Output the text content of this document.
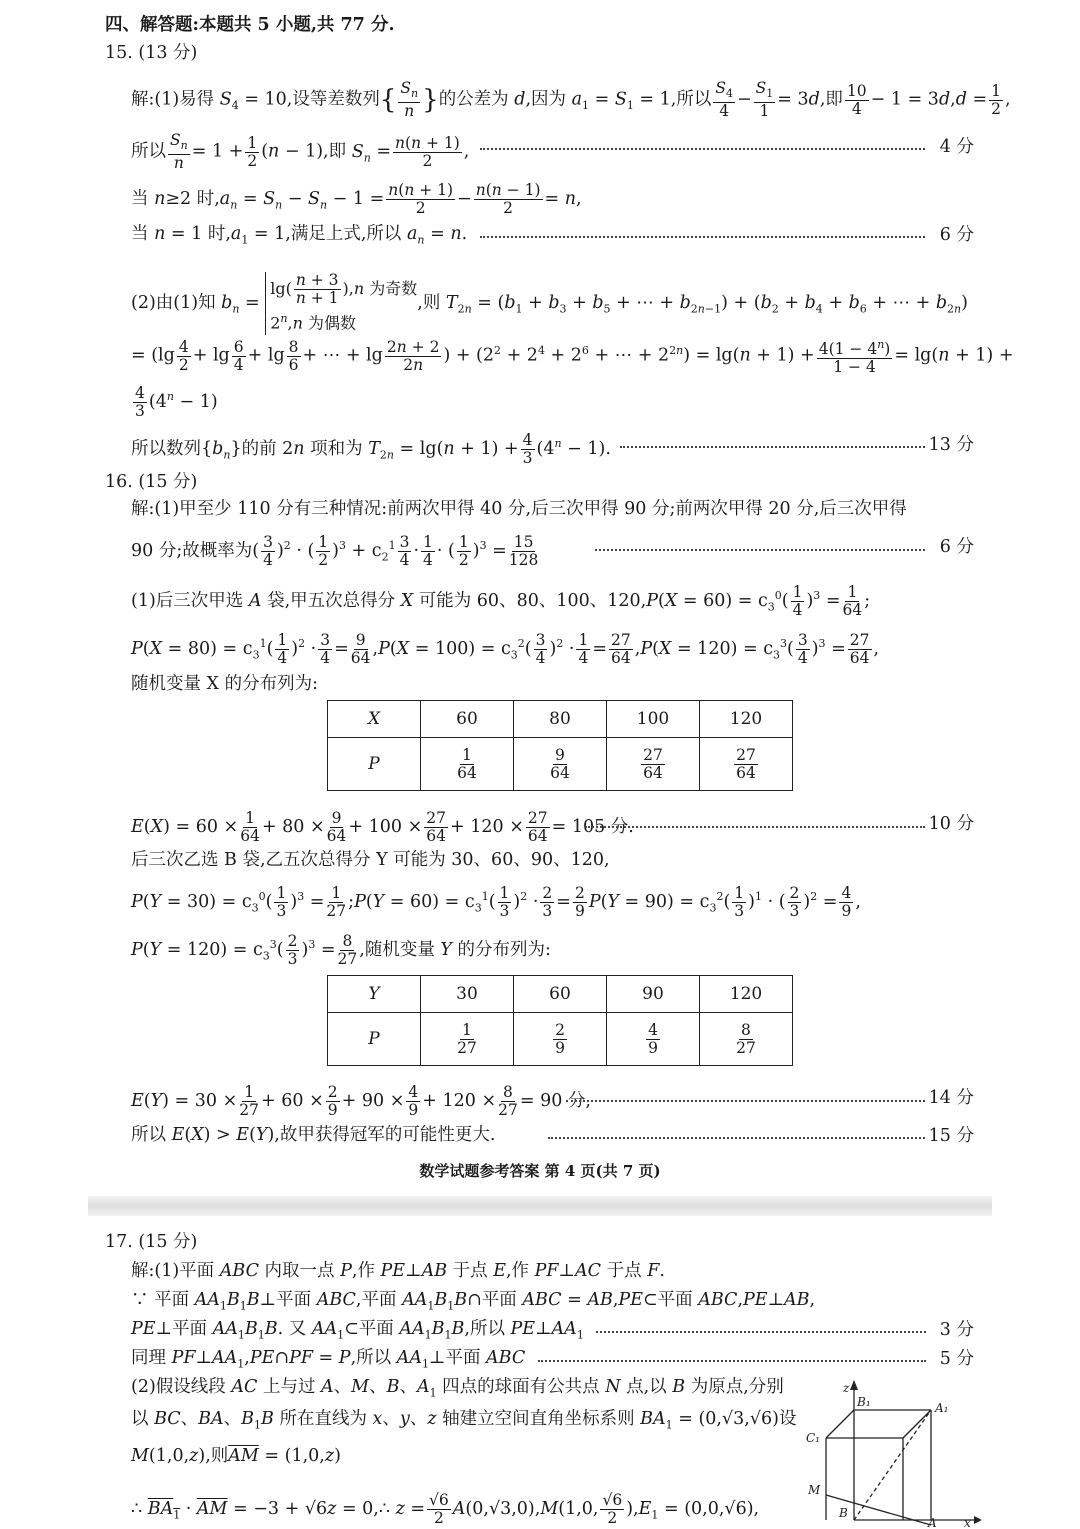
四、解答题:本题共 5 小题,共 77 分.
15. (13 分)
解:(1)易得 $S_4 = 10$,设等差数列{ $\frac{S_n}{n}$ }的公差为 d,因为 $a_1 = S_1 = 1$,所以 $\frac{S_4}{4} - \frac{S_1}{1} = 3d$,即 $\frac{10}{4} - 1 = 3d,d = \frac{1}{2}$ ,
所以 $\frac{S_n}{n} = 1 + \frac{1}{2} (n - 1)$,即 $S_n = \frac{n(n + 1)}{2}$ ,	4 分
当 n≥2 时$,a_n = S_n - S_n - 1 = \frac{n(n + 1)}{2} - \frac{n(n - 1)}{2} = n$,
当 n = 1 时$,a_1 = 1$,满足上式,所以 $a_n = n$.	6 分
(2)由(1)知 $b_n = \lg( \frac{n + 3}{n + 1} ),n$ 为奇数
2$^n$,n 为偶数,则 $T_{2n} = (b_1 + b_3 + b_5$ + ⋯ + $b_{2n-1}) + (b_2 + b_4 + b_6$ + ⋯ + $b_{2n}$)
= ($\lg \frac{4}{2} + \lg \frac{6}{4} + \lg \frac{8}{6}$ + ⋯ + $\lg \frac{2n + 2}{2n}$ ) + ($2^2 + 2^4 + 2^6$ + ⋯ + $2^{2n}) = \lg(n + 1) + \frac{4(1 - 4^n)}{1 - 4} = \lg(n + 1)$ +
$\frac{4}{3} (4^n - 1)$
所以数列$\{b_n\}$的前 2n 项和为 $T_{2n} = \lg(n + 1) + \frac{4}{3} (4^n - 1)$.	13 分
16. (15 分)
解:(1)甲至少 110 分有三种情况:前两次甲得 40 分,后三次甲得 90 分;前两次甲得 20 分,后三次甲得
90 分;故概率为( $\frac{3}{4} )^2$ · ( $\frac{1}{2} )^3 + c_2^1 \frac{3}{4} \cdot \frac{1}{4}$ · ( $\frac{1}{2} )^3 = \frac{15}{128}$	6 分
(1)后三次甲选 A 袋,甲五次总得分 X 可能为 60、80、100、$120,P(X = 60) = c_3^0( \frac{1}{4} )^3 = \frac{1}{64}$ ;
$P(X = 80) = c_3^1( \frac{1}{4} )^2 \cdot \frac{3}{4} = \frac{9}{64} ,P(X = 100) = c_3^2( \frac{3}{4} )^2 \cdot \frac{1}{4} = \frac{27}{64} ,P(X = 120) = c_3^3( \frac{3}{4} )^3 = \frac{27}{64}$ ,
随机变量 X 的分布列为:
X	60	80	100	120
P	$\frac{1}{64}$	$\frac{9}{64}$	$\frac{27}{64}$	$\frac{27}{64}$
$E(X) = 60 \times \frac{1}{64} + 80 \times \frac{9}{64} + 100 \times \frac{27}{64} + 120 \times \frac{27}{64} = 105$ 分.	10 分
后三次乙选 B 袋,乙五次总得分 Y 可能为 30、60、90、120,
$P(Y = 30) = c_3^0( \frac{1}{3} )^3 = \frac{1}{27}$ ;P(Y = $60) = c_3^1( \frac{1}{3} )^2 \cdot \frac{2}{3} = \frac{2}{9} P(Y = 90) = c_3^2( \frac{1}{3} )^1$ · ( $\frac{2}{3} )^2 = \frac{4}{9}$ ,
$P(Y = 120) = c_3^3( \frac{2}{3} )^3 = \frac{8}{27}$ ,随机变量 Y 的分布列为:
Y	30	60	90	120
P	$\frac{1}{27}$	$\frac{2}{9}$	$\frac{4}{9}$	$\frac{8}{27}$
$E(Y) = 30 \times \frac{1}{27} + 60 \times \frac{2}{9} + 90 \times \frac{4}{9} + 120 \times \frac{8}{27} = 90$ 分,	14 分
所以 E(X) > E(Y),故甲获得冠军的可能性更大.	15 分
数学试题参考答案 第 4 页(共 7 页)
17. (15 分)
解:(1)平面 ABC 内取一点 P,作 PE⊥AB 于点 E,作 PF⊥AC 于点 F.
∵ 平面 $AA_1B_1B\perp$平面 ABC,平面 $AA_1B_1B\cap$平面 ABC = AB,PE⊂平面 ABC,PE⊥AB,
PE⊥平面 $AA_1B_1B$. 又 $AA_1\subset$平面 $AA_1B_1B$,所以 $PE\perp AA_1$	3 分
同理 $PF\perp AA_1,PE\cap PF = P$,所以 $AA_1\perp$平面 ABC	5 分
(2)假设线段 AC 上与过 A、M、B、$A_1$ 四点的球面有公共点 N 点,以 B 为原点,分别
以 BC、BA、$B_1B$ 所在直线为 x、y、z 轴建立空间直角坐标系则 $BA_1 = (0,√3,√6)$设
M(1,0,z),则$\overline{AM} = (1,0,z)$
∴ $BA_1 \cdot \overline{AM} = -3 + √6z$ = 0,∴ $z = \frac{√6}{2} A(0,√3,0),M(1,0$, $\frac{√6}{2} ),E_1 = (0,0,√6)$,
z
B₁	A₁
C₁
M
B
A x
